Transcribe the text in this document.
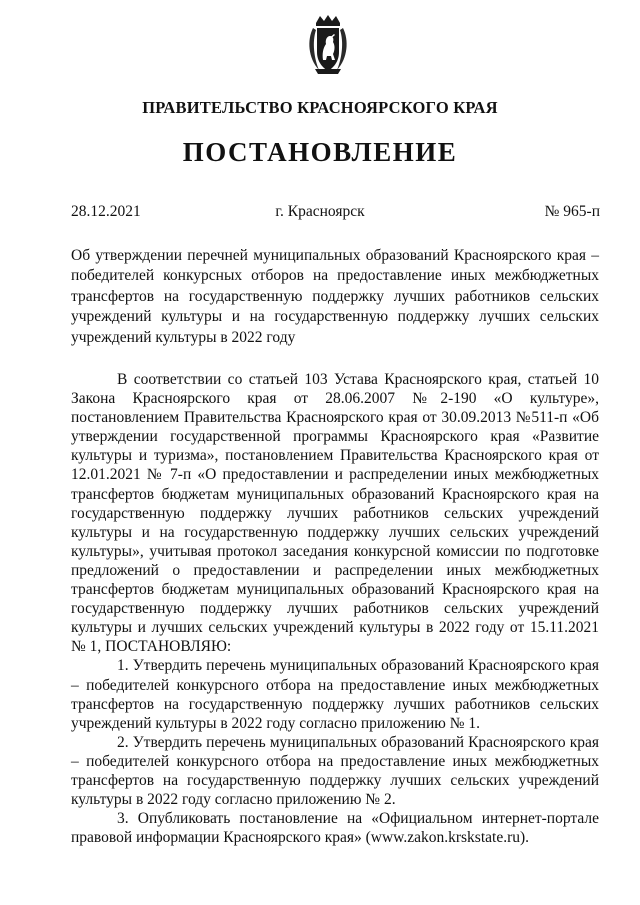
ПРАВИТЕЛЬСТВО КРАСНОЯРСКОГО КРАЯ
ПОСТАНОВЛЕНИЕ
28.12.2021	г. Красноярск	№ 965-п
Об утверждении перечней муниципальных образований Красноярского края – победителей конкурсных отборов на предоставление иных межбюджетных трансфертов на государственную поддержку лучших работников сельских учреждений культуры и на государственную поддержку лучших сельских учреждений культуры в 2022 году

В соответствии со статьей 103 Устава Красноярского края, статьей 10 Закона Красноярского края от 28.06.2007 №2-190 «О культуре», постановлением Правительства Красноярского края от 30.09.2013 №511-п «Об утверждении государственной программы Красноярского края «Развитие культуры и туризма», постановлением Правительства Красноярского края от 12.01.2021 № 7-п «О предоставлении и распределении иных межбюджетных трансфертов бюджетам муниципальных образований Красноярского края на государственную поддержку лучших работников сельских учреждений культуры и на государственную поддержку лучших сельских учреждений культуры», учитывая протокол заседания конкурсной комиссии по подготовке предложений о предоставлении и распределении иных межбюджетных трансфертов бюджетам муниципальных образований Красноярского края на государственную поддержку лучших работников сельских учреждений культуры и лучших сельских учреждений культуры в 2022 году от 15.11.2021 № 1, ПОСТАНОВЛЯЮ:

1. Утвердить перечень муниципальных образований Красноярского края – победителей конкурсного отбора на предоставление иных межбюджетных трансфертов на государственную поддержку лучших работников сельских учреждений культуры в 2022 году согласно приложению № 1.

2. Утвердить перечень муниципальных образований Красноярского края – победителей конкурсного отбора на предоставление иных межбюджетных трансфертов на государственную поддержку лучших сельских учреждений культуры в 2022 году согласно приложению № 2.

3. Опубликовать постановление на «Официальном интернет-портале правовой информации Красноярского края» (www.zakon.krskstate.ru).
